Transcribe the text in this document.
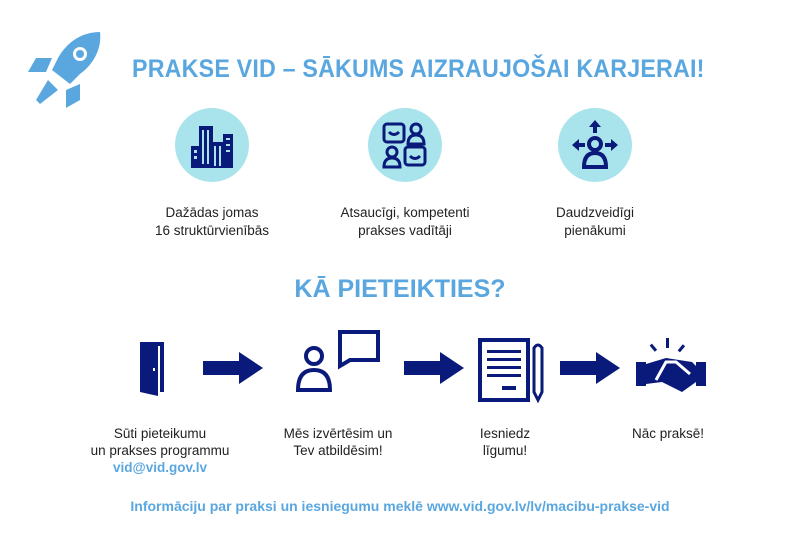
PRAKSE VID – SĀKUMS AIZRAUJOŠAI KARJERAI!
Dažādas jomas
16 struktūrvienībās
Atsaucīgi, kompetenti
prakses vadītāji
Daudzveidīgi
pienākumi
KĀ PIETEIKTIES?
Sūti pieteikumu
un prakses programmu
vid@vid.gov.lv
Mēs izvērtēsim un
Tev atbildēsim!
Iesniedz
līgumu!
Nāc praksē!
Informāciju par praksi un iesniegumu meklē www.vid.gov.lv/lv/macibu-prakse-vid
